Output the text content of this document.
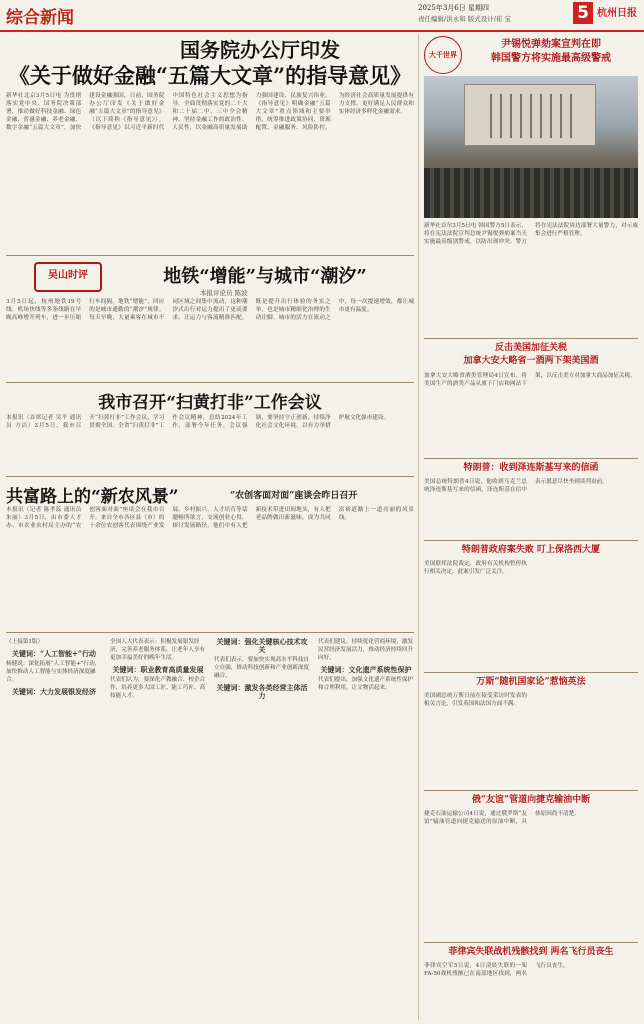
综合新闻	2025年3月6日 星期四
责任编辑/洪永和 版式设计/崔 宝	5 杭州日报
国务院办公厅印发
《关于做好金融“五篇大文章”的指导意见》
新华社北京3月5日电 为贯彻落实党中央、国务院决策部署，推动做好科技金融、绿色金融、普惠金融、养老金融、数字金融“五篇大文章”，加快建设金融强国，日前，国务院办公厅印发《关于做好金融“五篇大文章”的指导意见》（以下简称《指导意见》）。《指导意见》以习近平新时代中国特色社会主义思想为指导，全面贯彻落实党的二十大和二十届二中、三中全会精神，坚持金融工作的政治性、人民性，以金融高质量发展助力强国建设、民族复兴伟业。《指导意见》明确金融“五篇大文章”重点领域和主要举措，统筹推进政策协同、资源配置、金融服务、风险防控，为经济社会高质量发展提供有力支撑，更好满足人民群众和实体经济多样化金融需求。
吴山时评	地铁“增能”与城市“潮汐”
本报评论员 陈波
3月5日起，杭州地铁19号线、机场快线等多条线路在早晚高峰增开列车，进一步压缩行车间隔。地铁“增能”，回应的是城市通勤的“潮汐”规律。每天早晚，大量乘客在城市不同区域之间集中流动，这种潮汐式出行对运力提出了更高要求。让运力与客流精准匹配，既是提升出行体验的务实之举，也是城市精细化治理的生动注脚。城市的活力在流动之中，每一次提速增效，都让城市更有温度。
我市召开“扫黄打非”工作会议
本报讯（首席记者 吴平 通讯员 方洁）3月5日，我市召开“扫黄打非”工作会议，学习贯彻全国、全省“扫黄打非”工作会议精神，总结2024年工作，部署今年任务。会议强调，要坚持守正创新，持续净化社会文化环境，以有力举措护航文化强市建设。
共富路上的“新农风景”	“农创客面对面”座谈会昨日召开
本报讯（记者 陈孝蕊 通讯员 朱丽）3月5日，由市委人才办、市农业农村局主办的“农创客面对面”座谈会在我市召开。来自全市各区县（市）的十余位农创客代表围绕产业发展、乡村振兴、人才培育等话题畅所欲言，交流创业心得，探讨发展路径。他们中有人把新技术带进田间地头，有人把老品牌做出新滋味，成为共同富裕道路上一道亮丽的风景线。
（上接第1版）
关键词：“人工智能+”行动
杨健说：深化拓展“人工智能+”行动，加快推动人工智能与实体经济深度融合。
关键词：大力发展银发经济
全国人大代表表示：积极发展银发经济，完善养老服务体系，让老年人享有更加幸福美好的晚年生活。
关键词：职业教育高质量发展
代表们认为，要深化产教融合、校企合作，培养更多大国工匠、能工巧匠、高技能人才。
关键词：强化关键核心技术攻关
代表们表示，要加快实现高水平科技自立自强，推动科技创新和产业创新深度融合。
关键词：激发各类经营主体活力
代表们建议，持续优化营商环境，激发民营经济发展活力，推动经济持续回升向好。
关键词：文化遗产系统性保护
代表们提出，加强文化遗产系统性保护和合理利用，让文物活起来。
大千世界
尹锡悦弹劾案宣判在即
韩国警方将实施最高级警戒
新华社首尔3月5日电 韩国警方5日表示，将在宪法法院宣判总统尹锡悦弹劾案当天实施最高级别警戒，以防出现冲突。警方将在宪法法院周边部署大量警力，对示威集会进行严格管理。
反击美国加征关税
加拿大安大略省一酒两下架美国酒
加拿大安大略省酒类管理局4日宣布，将美国生产的酒类产品从旗下门店和网站下架，以反击美方对加拿大商品加征关税。
特朗普：收到泽连斯基写来的信函
美国总统特朗普4日说，他收到乌克兰总统泽连斯基写来的信函，泽连斯基在信中表示愿意尽快坐到谈判桌前。
特朗普政府案失败 叮上保洛西大厦
美国联邦法院裁定，政府有关机构暂停执行相关决定，此案引发广泛关注。
万斯“随机国家论”惹恼英法
美国副总统万斯日前在接受采访时发表的相关言论，引发英国和法国方面不满。
俄“友谊”管道向捷克输油中断
捷克石油运输公司4日说，通过俄罗斯“友谊”输油管道向捷克输送的原油中断，具体原因尚不清楚。
菲律宾失联战机残骸找到 两名飞行员丧生
菲律宾空军5日说，4日凌晨失联的一架FA-50战机残骸已在南部地区找到，两名飞行员丧生。
